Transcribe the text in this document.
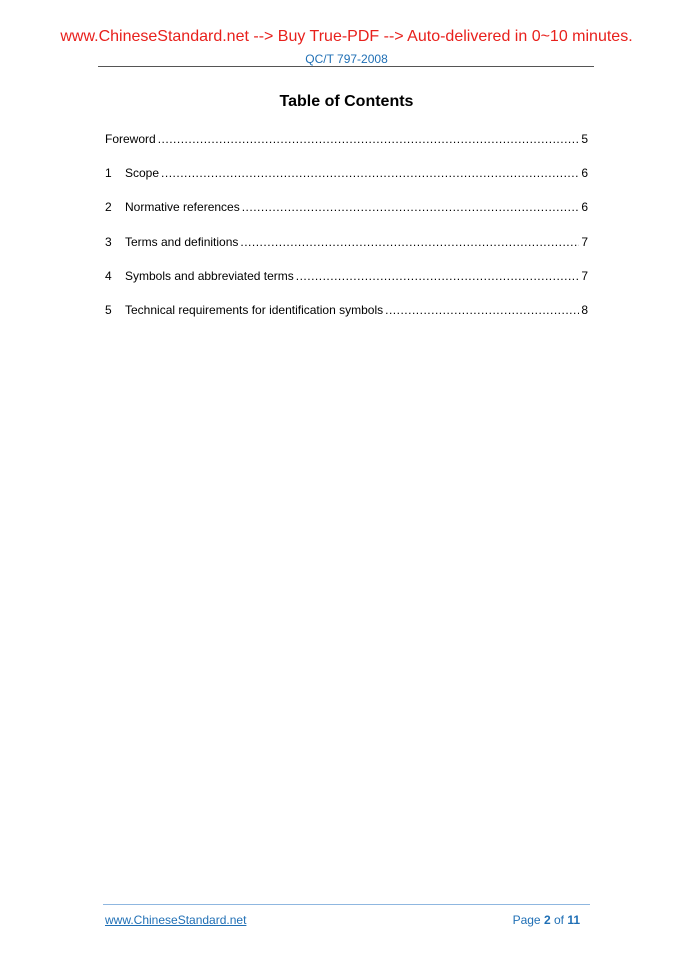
www.ChineseStandard.net --> Buy True-PDF --> Auto-delivered in 0~10 minutes.
QC/T 797-2008
Table of Contents
Foreword .....	5
1	Scope .....	6
2	Normative references .....	6
3	Terms and definitions .....	7
4	Symbols and abbreviated terms .....	7
5	Technical requirements for identification symbols .....	8
www.ChineseStandard.net	Page 2 of 11
